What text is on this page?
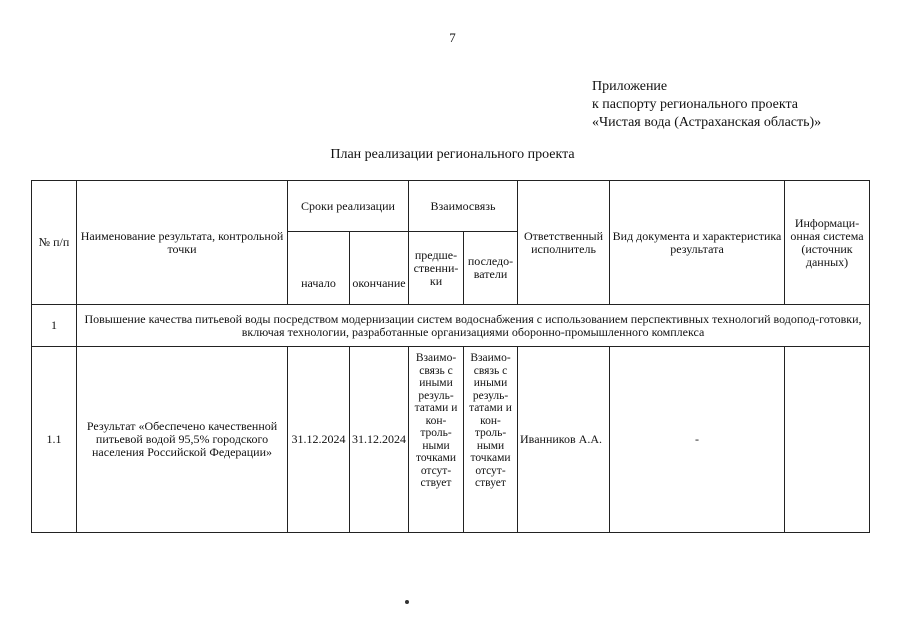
7
Приложение
к паспорту регионального проекта
«Чистая вода (Астраханская область)»
План реализации регионального проекта
№ п/п	Наименование результата, контрольной точки	Сроки реализации		Взаимосвязь		Ответственный исполнитель	Вид документа и характеристика результата	Информаци-онная система (источник данных)
		начало	окончание	предше-ственни-ки	последо-ватели			
1	Повышение качества питьевой воды посредством модернизации систем водоснабжения с использованием перспективных технологий водопод-готовки, включая технологии, разработанные организациями оборонно-промышленного комплекса							
1.1	Результат «Обеспечено качественной питьевой водой 95,5% городского населения Российской Федерации»	31.12.2024	31.12.2024	Взаимо-связь с иными резуль-татами и кон-троль-ными точками отсут-ствует	Взаимо-связь с иными резуль-татами и кон-троль-ными точками отсут-ствует	Иванников А.А.	-	
